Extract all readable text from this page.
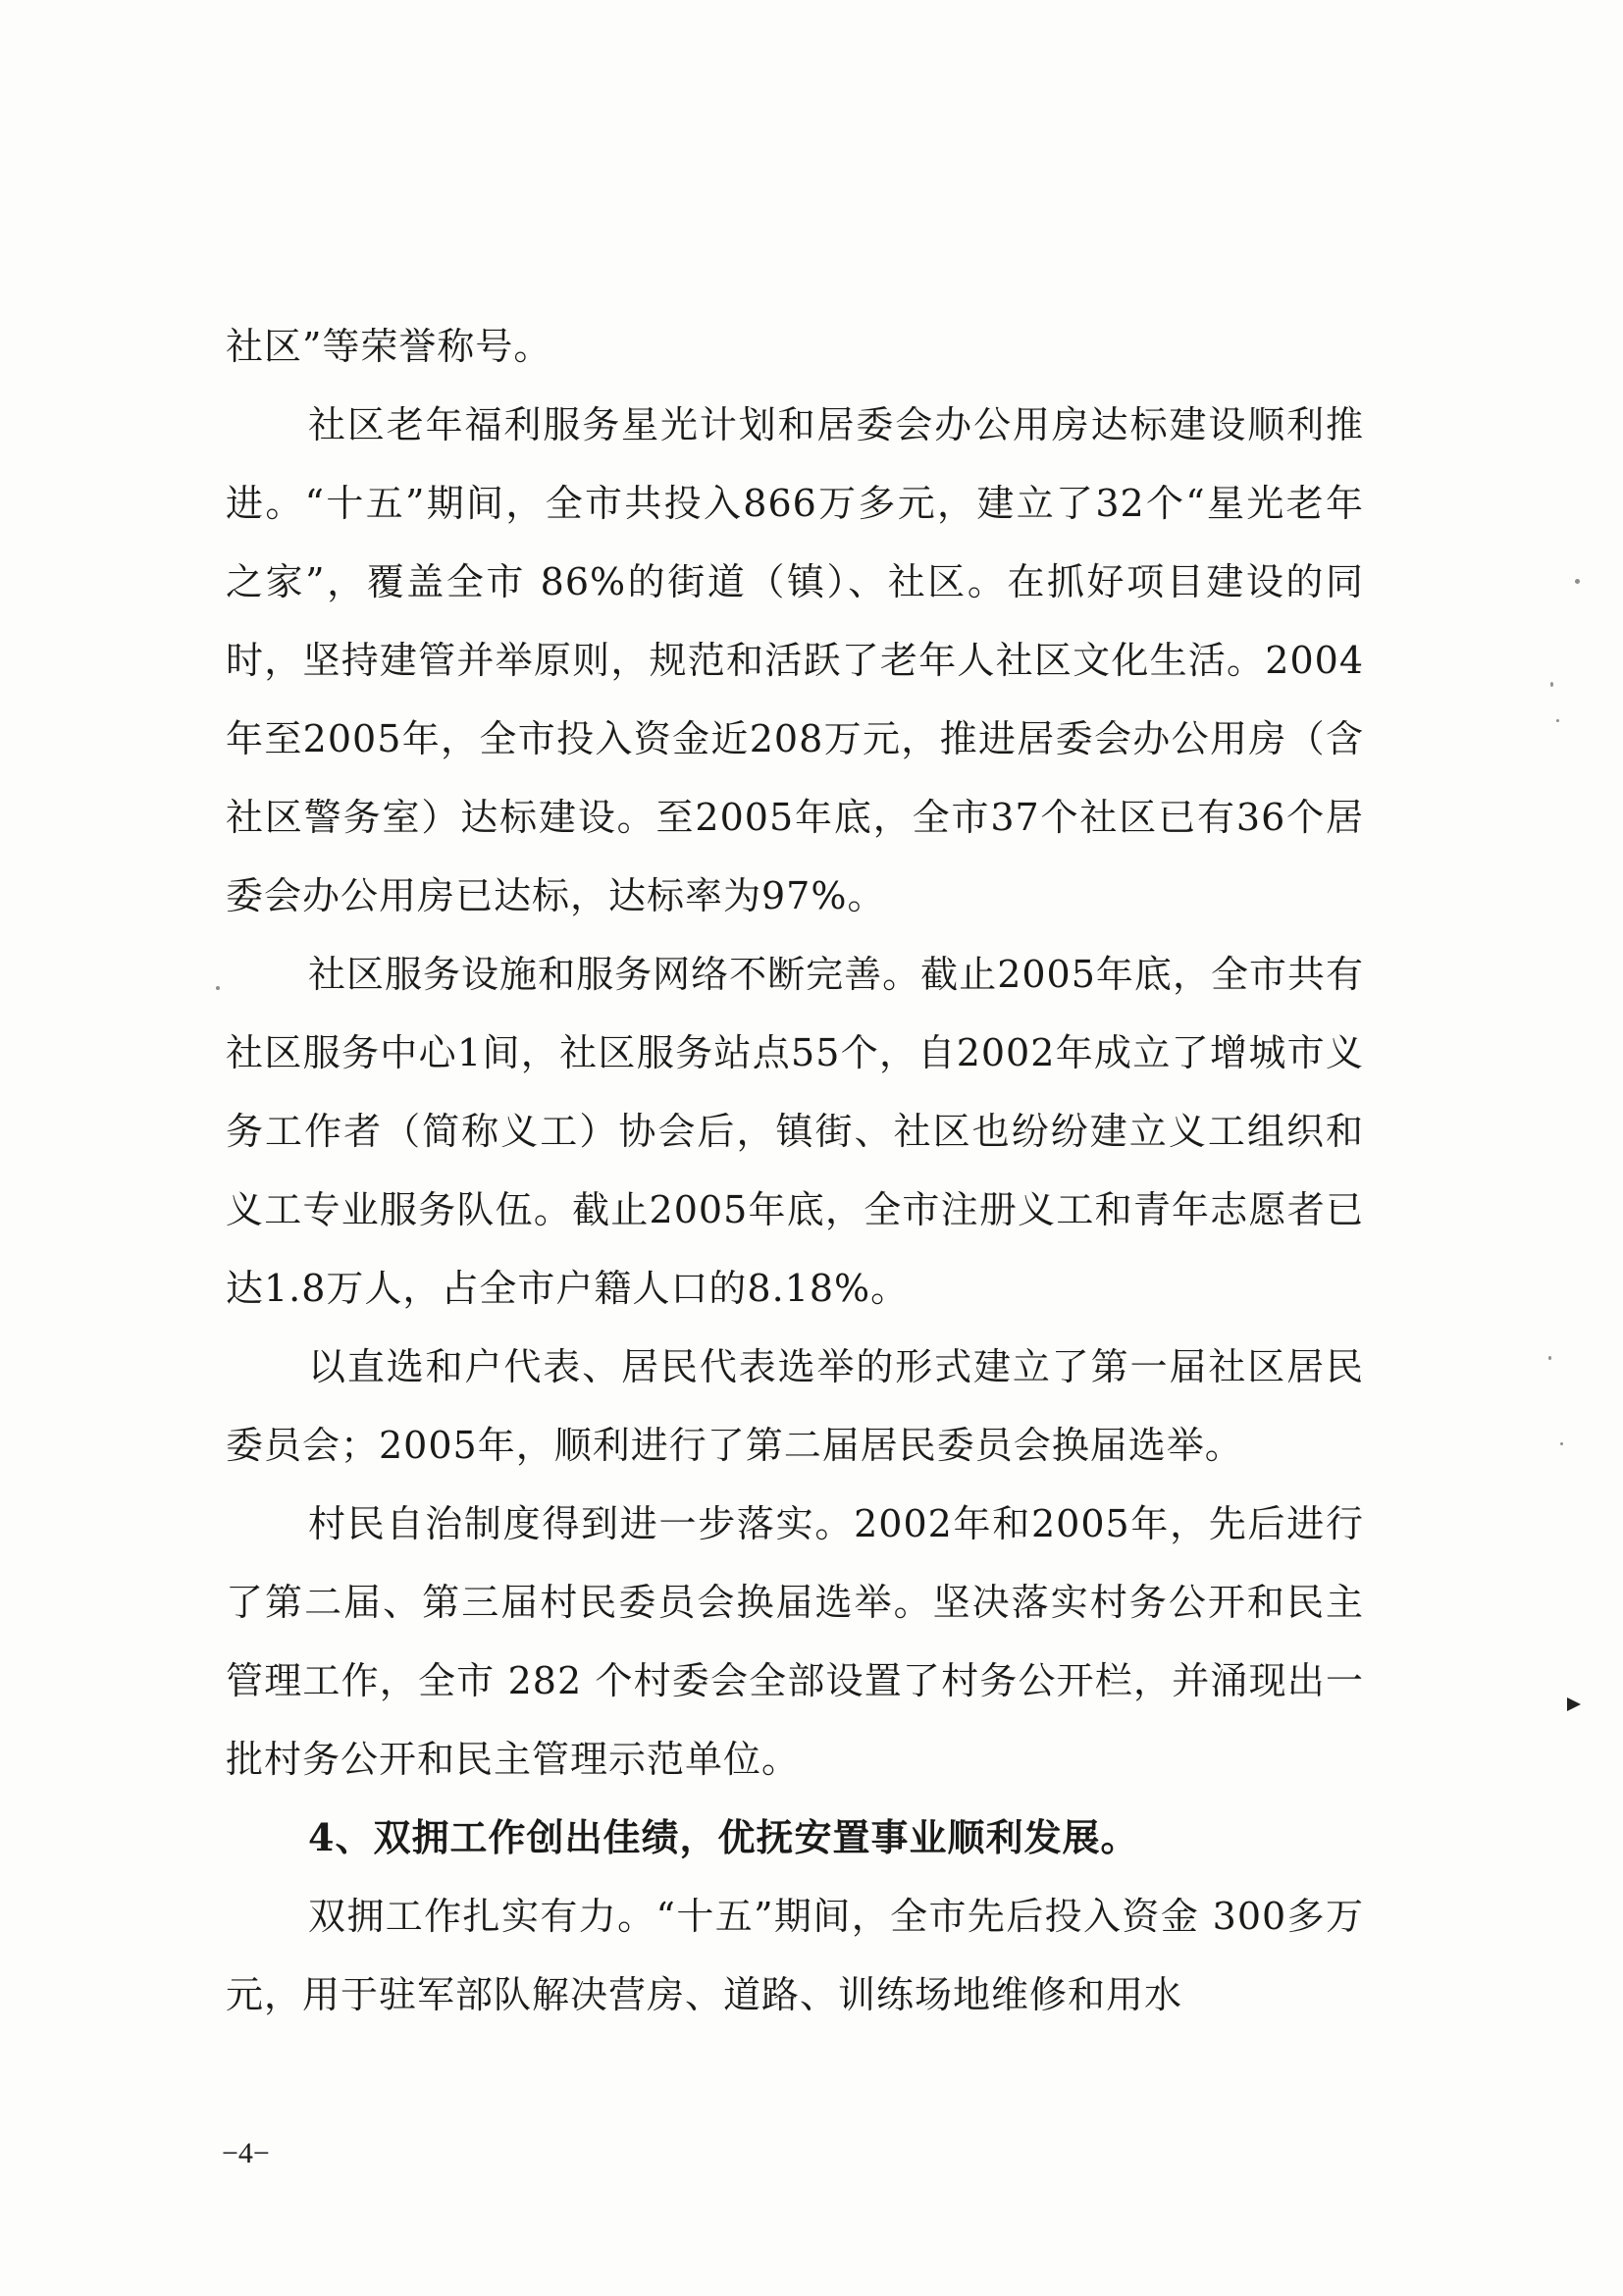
社区”等荣誉称号。

社区老年福利服务星光计划和居委会办公用房达标建设顺利推进。“十五”期间，全市共投入866万多元，建立了32个“星光老年之家”，覆盖全市 86%的街道（镇）、社区。在抓好项目建设的同时，坚持建管并举原则，规范和活跃了老年人社区文化生活。2004年至2005年，全市投入资金近208万元，推进居委会办公用房（含社区警务室）达标建设。至2005年底，全市37个社区已有36个居委会办公用房已达标，达标率为97%。

社区服务设施和服务网络不断完善。截止2005年底，全市共有社区服务中心1间，社区服务站点55个，自2002年成立了增城市义务工作者（简称义工）协会后，镇街、社区也纷纷建立义工组织和义工专业服务队伍。截止2005年底，全市注册义工和青年志愿者已达1.8万人，占全市户籍人口的8.18%。

以直选和户代表、居民代表选举的形式建立了第一届社区居民委员会；2005年，顺利进行了第二届居民委员会换届选举。

村民自治制度得到进一步落实。2002年和2005年，先后进行了第二届、第三届村民委员会换届选举。坚决落实村务公开和民主管理工作，全市 282 个村委会全部设置了村务公开栏，并涌现出一批村务公开和民主管理示范单位。

4、双拥工作创出佳绩，优抚安置事业顺利发展。

双拥工作扎实有力。“十五”期间，全市先后投入资金 300多万元，用于驻军部队解决营房、道路、训练场地维修和用水

−4−
